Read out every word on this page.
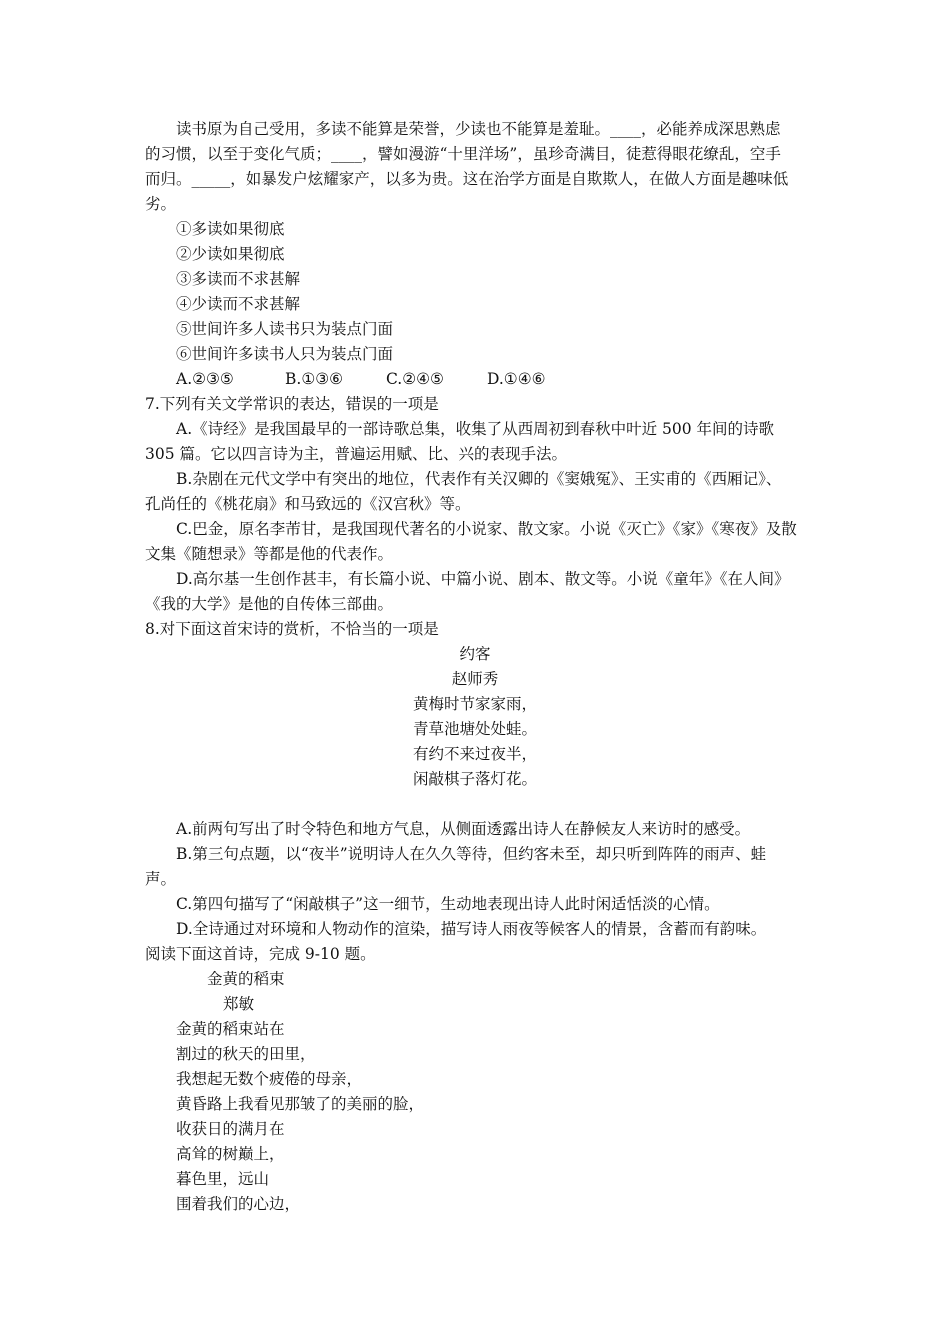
读书原为自己受用，多读不能算是荣誉，少读也不能算是羞耻。____，必能养成深思熟虑
的习惯，以至于变化气质；____，譬如漫游“十里洋场”，虽珍奇满目，徒惹得眼花缭乱，空手
而归。_____，如暴发户炫耀家产，以多为贵。这在治学方面是自欺欺人，在做人方面是趣味低
劣。
①多读如果彻底
②少读如果彻底
③多读而不求甚解
④少读而不求甚解
⑤世间许多人读书只为装点门面
⑥世间许多读书人只为装点门面
A.②③⑤	B.①③⑥	C.②④⑤	D.①④⑥
7.下列有关文学常识的表达，错误的一项是
A.《诗经》是我国最早的一部诗歌总集，收集了从西周初到春秋中叶近 500 年间的诗歌
305 篇。它以四言诗为主，普遍运用赋、比、兴的表现手法。
B.杂剧在元代文学中有突出的地位，代表作有关汉卿的《窦娥冤》、王实甫的《西厢记》、
孔尚任的《桃花扇》和马致远的《汉宫秋》等。
C.巴金，原名李芾甘，是我国现代著名的小说家、散文家。小说《灭亡》《家》《寒夜》及散
文集《随想录》等都是他的代表作。
D.高尔基一生创作甚丰，有长篇小说、中篇小说、剧本、散文等。小说《童年》《在人间》
《我的大学》是他的自传体三部曲。
8.对下面这首宋诗的赏析，不恰当的一项是
约客
赵师秀
黄梅时节家家雨，
青草池塘处处蛙。
有约不来过夜半，
闲敲棋子落灯花。
A.前两句写出了时令特色和地方气息，从侧面透露出诗人在静候友人来访时的感受。
B.第三句点题，以“夜半”说明诗人在久久等待，但约客未至，却只听到阵阵的雨声、蛙
声。
C.第四句描写了“闲敲棋子”这一细节，生动地表现出诗人此时闲适恬淡的心情。
D.全诗通过对环境和人物动作的渲染，描写诗人雨夜等候客人的情景，含蓄而有韵味。
阅读下面这首诗，完成 9-10 题。
金黄的稻束
郑敏
金黄的稻束站在
割过的秋天的田里，
我想起无数个疲倦的母亲，
黄昏路上我看见那皱了的美丽的脸，
收获日的满月在
高耸的树巅上，
暮色里，远山
围着我们的心边，
